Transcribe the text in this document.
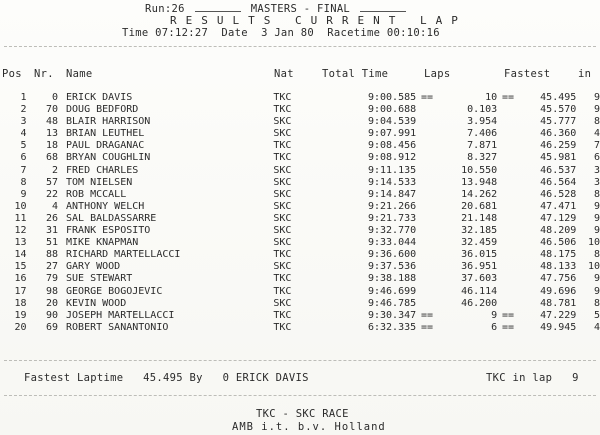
Run:26	MASTERS - FINAL
RESULTS CURRENT LAP
Time 07:12:27 Date  3 Jan 80 Racetime 00:10:16
Pos Nr. Name	Nat	Total Time	Laps	Fastest	in
1	0	ERICK DAVIS	TKC	9:00.585	==	10	==	45.495	9
2	70	DOUG BEDFORD	TKC	9:00.688		0.103		45.570	9
3	48	BLAIR HARRISON	SKC	9:04.539		3.954		45.777	8
4	13	BRIAN LEUTHEL	SKC	9:07.991		7.406		46.360	4
5	18	PAUL DRAGANAC	TKC	9:08.456		7.871		46.259	7
6	68	BRYAN COUGHLIN	TKC	9:08.912		8.327		45.981	6
7	2	FRED CHARLES	SKC	9:11.135		10.550		46.537	3
8	57	TOM NIELSEN	SKC	9:14.533		13.948		46.564	3
9	22	ROB MCCALL	SKC	9:14.847		14.262		46.528	8
10	4	ANTHONY WELCH	SKC	9:21.266		20.681		47.471	9
11	26	SAL BALDASSARRE	SKC	9:21.733		21.148		47.129	9
12	31	FRANK ESPOSITO	SKC	9:32.770		32.185		48.209	9
13	51	MIKE KNAPMAN	SKC	9:33.044		32.459		46.506	10
14	88	RICHARD MARTELLACCI	TKC	9:36.600		36.015		48.175	8
15	27	GARY WOOD	SKC	9:37.536		36.951		48.133	10
16	79	SUE STEWART	TKC	9:38.188		37.603		47.756	9
17	98	GEORGE BOGOJEVIC	TKC	9:46.699		46.114		49.696	9
18	20	KEVIN WOOD	SKC	9:46.785		46.200		48.781	8
19	90	JOSEPH MARTELLACCI	TKC	9:30.347	==	9	==	47.229	5
20	69	ROBERT SANANTONIO	TKC	6:32.335	==	6	==	49.945	4
Fastest Laptime   45.495 By   0 ERICK DAVIS	TKC in lap   9
TKC - SKC RACE
AMB i.t. b.v. Holland
